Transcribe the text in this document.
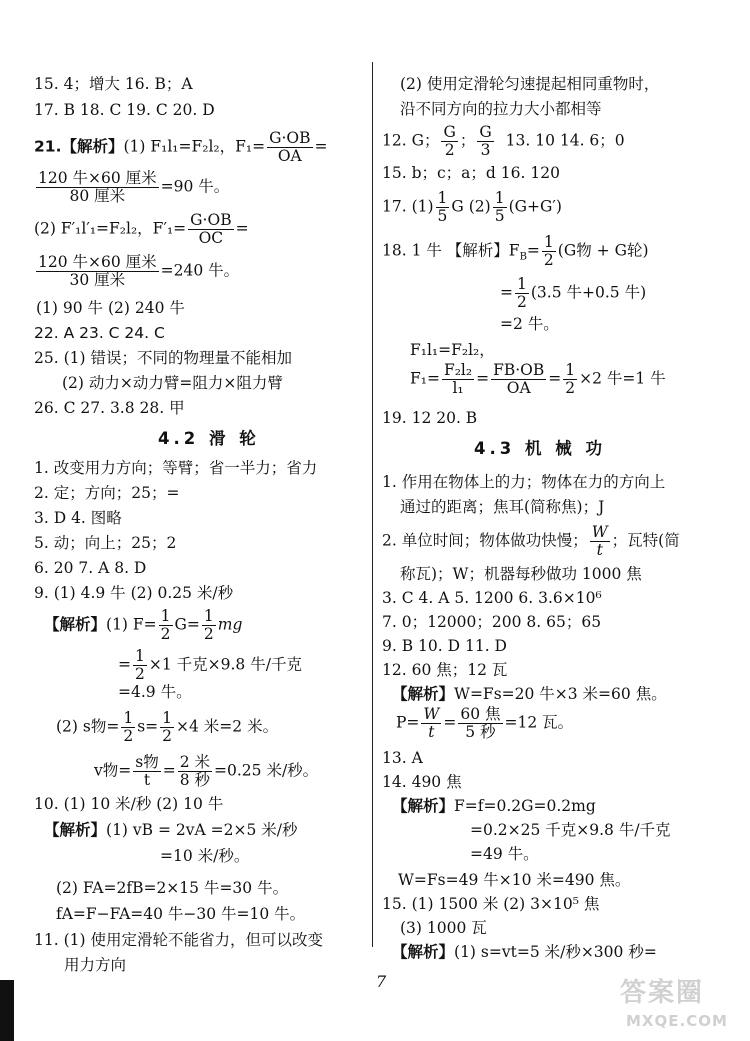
15. 4；增大 16. B；A
17. B 18. C 19. C 20. D
21.【解析】(1) F₁l₁=F₂l₂，$F_1= \frac{G\cdot OB}{OA}$ =
$\frac{\text{120 牛×60 厘米}}{\text{80 厘米}} =90$ 牛。
(2) F′₁l′₁=F₂l₂，$F'_1= \frac{G\cdot OB}{OC}$ =
$\frac{\text{120 牛×60 厘米}}{\text{30 厘米}} =240$ 牛。
(1) 90 牛 (2) 240 牛
22. A 23. C 24. C
25. (1) 错误；不同的物理量不能相加
(2) 动力×动力臂=阻力×阻力臂
26. C 27. 3.8 28. 甲
4.2 滑 轮
1. 改变用力方向；等臂；省一半力；省力
2. 定；方向；25；=
3. D 4. 图略
5. 动；向上；25；2
6. 20 7. A 8. D
9. (1) 4.9 牛 (2) 0.25 米/秒
【解析】(1) $F= \frac{1}{2} G= \frac{1}{2}$ mg
= $\frac{1}{2} \times 1$ 千克×9.8 牛/千克
=4.9 牛。
(2) s物= $\frac{1}{2} s= \frac{1}{2} \times 4$ 米=2 米。
v物= $\frac{\text{s物}}{t} = \frac{\text{2 米}}{\text{8 秒}} =0.25$ 米/秒。
10. (1) 10 米/秒 (2) 10 牛
【解析】(1) vB = 2vA =2×5 米/秒
=10 米/秒。
(2) FA=2fB=2×15 牛=30 牛。
fA=F−FA=40 牛−30 牛=10 牛。
11. (1) 使用定滑轮不能省力，但可以改变
用力方向
(2) 使用定滑轮匀速提起相同重物时，
沿不同方向的拉力大小都相等
12. G； $\frac{G}{2}$ ； $\frac{G}{3} 13$. 10 14. 6；0
15. b；c；a；d 16. 120
17. $(1) \frac{1}{5}$ G $(2) \frac{1}{5} (G+G')$
18. 1 牛 【解析】$F_B= \frac{1}{2} (G$物 + G轮)
= $\frac{1}{2} (3.5$ 牛+0.5 牛)
=2 牛。
F₁l₁=F₂l₂，
$F_1= \frac{\text{F₂l₂}}{\text{l₁}} = \frac{FB\cdot OB}{OA} = \frac{1}{2} \times 2$ 牛=1 牛
19. 12 20. B
4.3 机 械 功
1. 作用在物体上的力；物体在力的方向上
通过的距离；焦耳(简称焦)；J
2. 单位时间；物体做功快慢； $\frac{W}{t}$ ；瓦特(简
称瓦)；W；机器每秒做功 1000 焦
3. C 4. A 5. 1200 6. 3.6×10⁶
7. 0；12000；200 8. 65；65
9. B 10. D 11. D
12. 60 焦；12 瓦
【解析】W=Fs=20 牛×3 米=60 焦。
$P= \frac{W}{t} = \frac{\text{60 焦}}{\text{5 秒}} =12$ 瓦。
13. A
14. 490 焦
【解析】F=f=0.2G=0.2mg
=0.2×25 千克×9.8 牛/千克
=49 牛。
W=Fs=49 牛×10 米=490 焦。
15. (1) 1500 米 (2) 3×10⁵ 焦
(3) 1000 瓦
【解析】(1) s=vt=5 米/秒×300 秒=
7	答案圈
MXQE.COM
